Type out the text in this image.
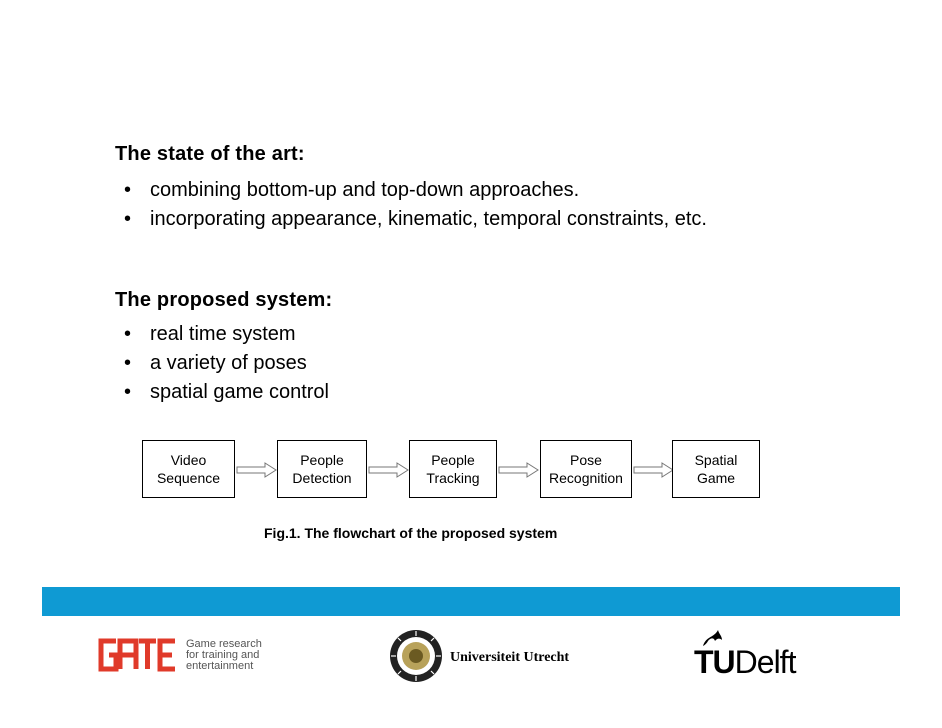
The state of the art:
• combining bottom-up and top-down approaches.
• incorporating appearance, kinematic, temporal constraints, etc.
The proposed system:
• real time system
• a variety of poses
• spatial game control
Video
Sequence
People
Detection
People
Tracking
Pose
Recognition
Spatial
Game
Fig.1. The flowchart of the proposed system
Game research
for training and
entertainment
Universiteit Utrecht	TUDelft
